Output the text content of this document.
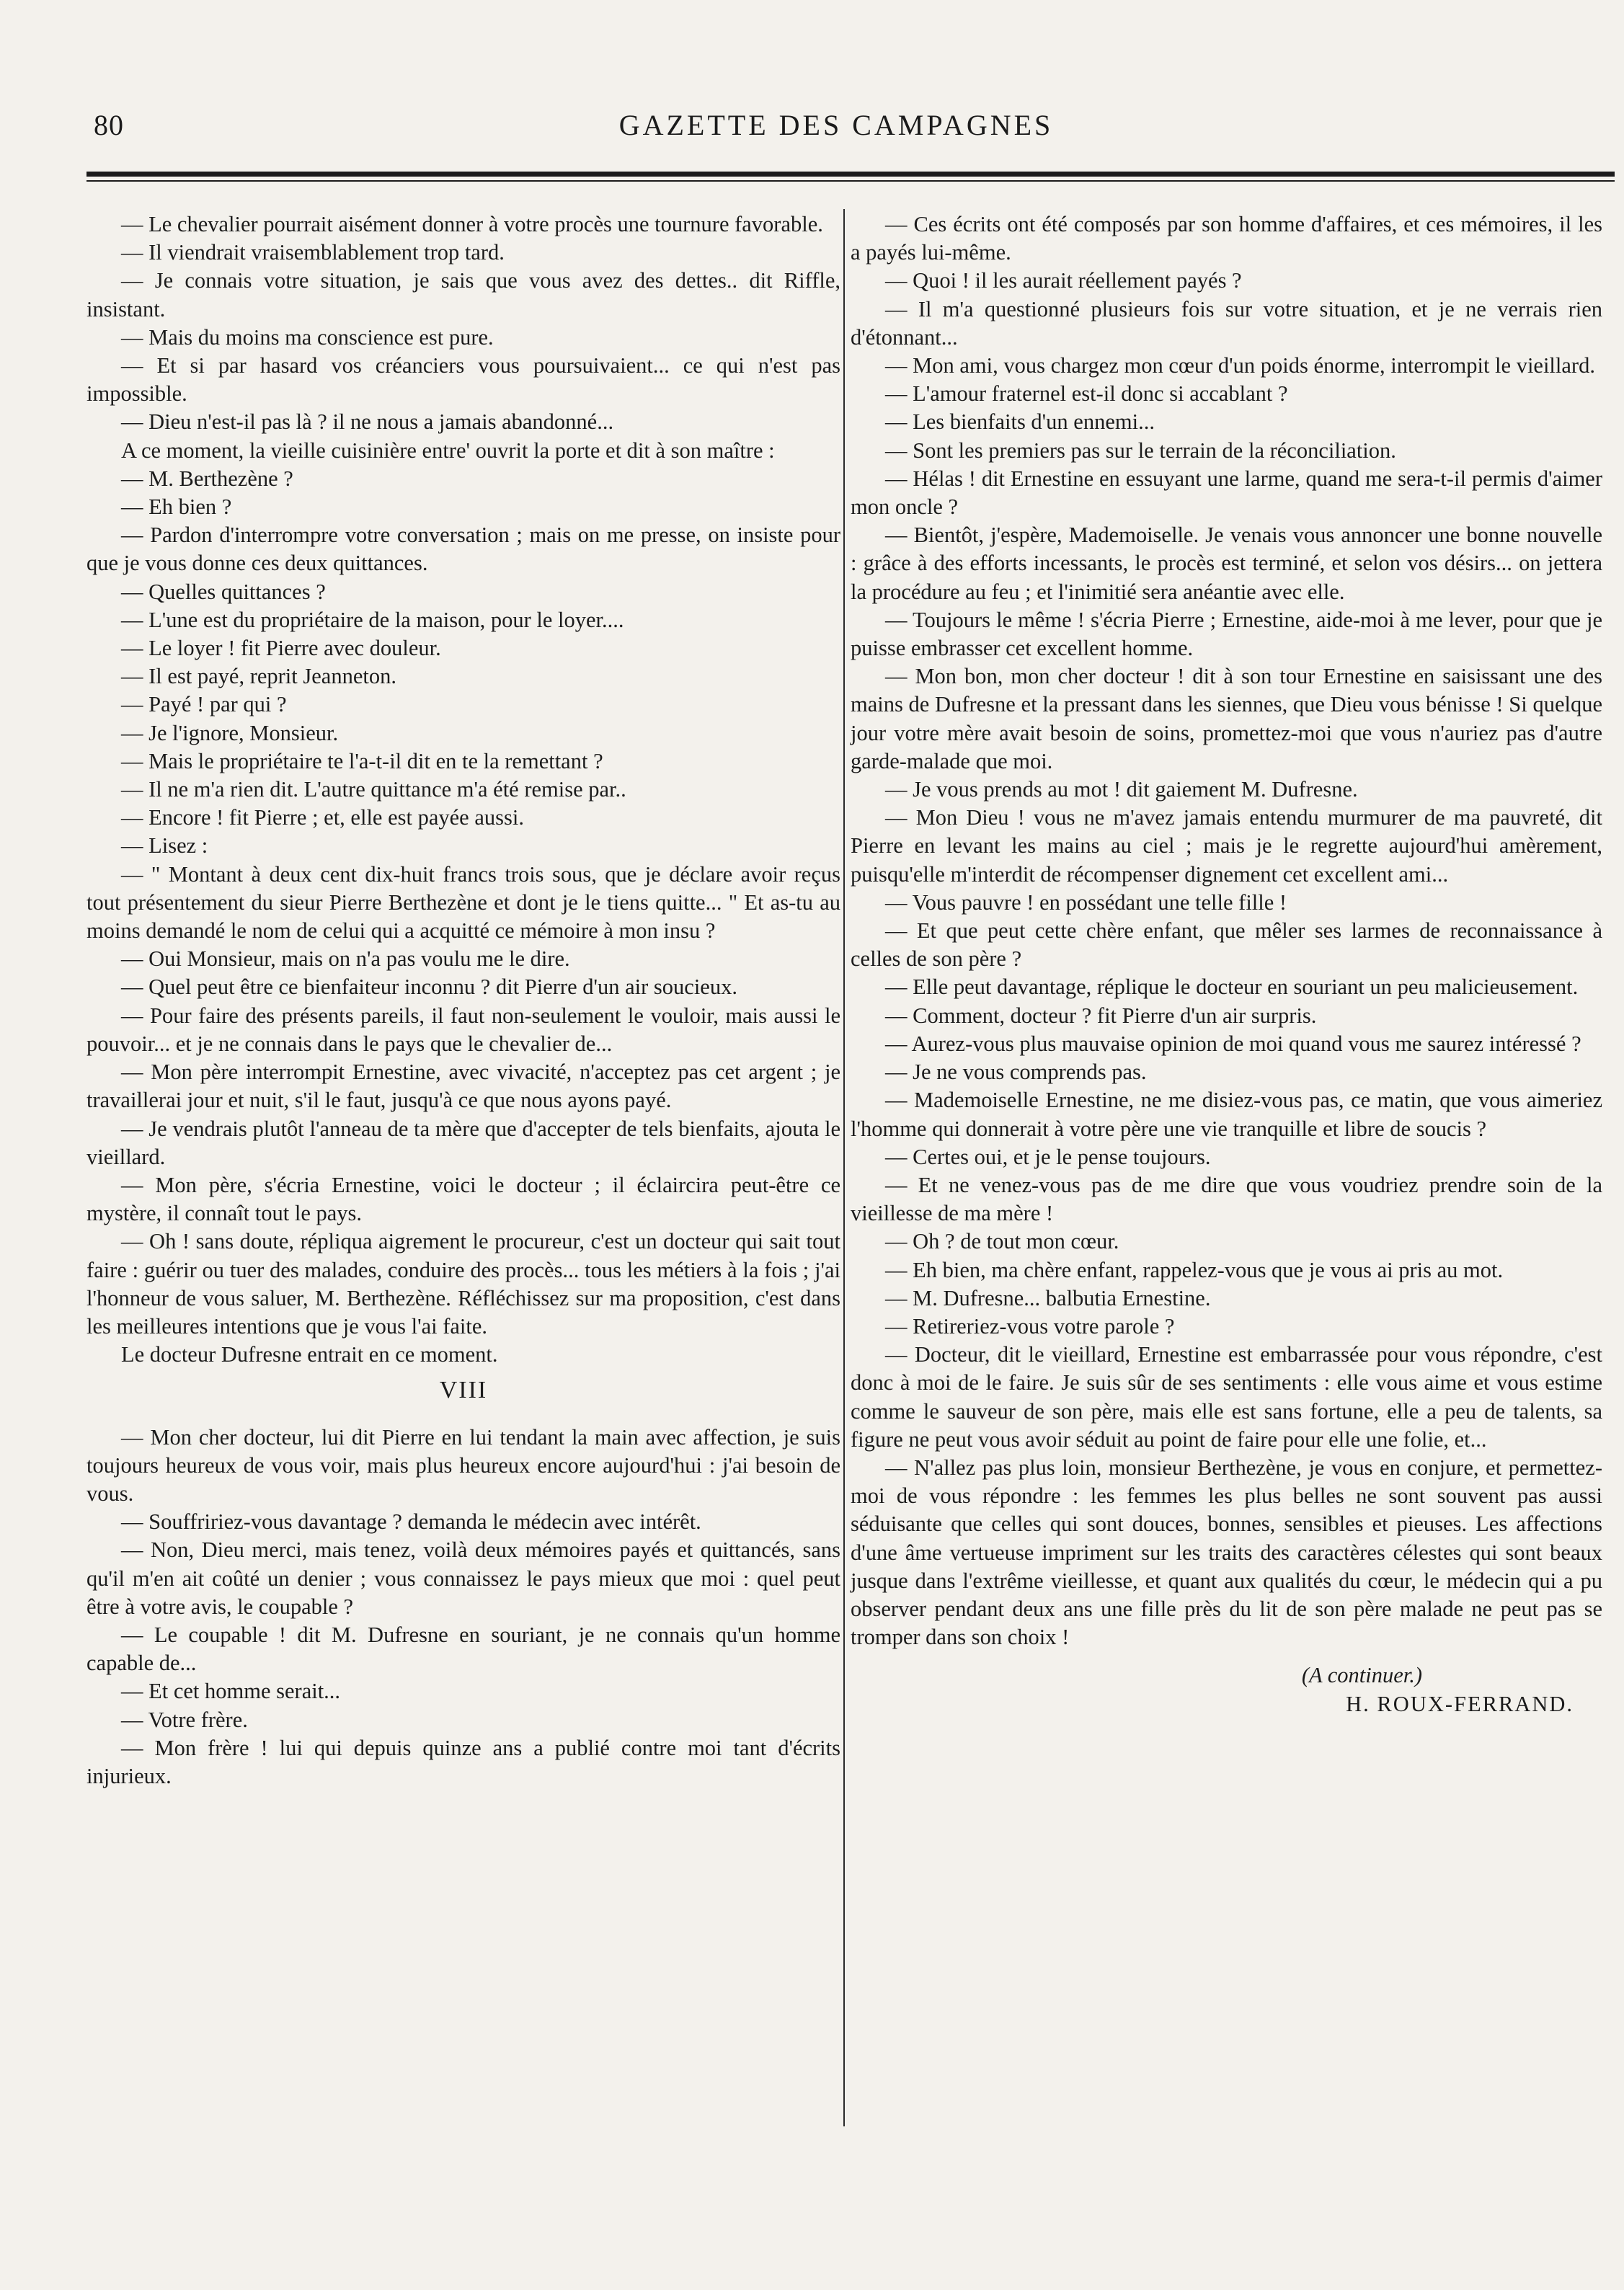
80	GAZETTE DES CAMPAGNES

— Le chevalier pourrait aisément donner à votre procès une tournure favorable.

— Il viendrait vraisemblablement trop tard.

— Je connais votre situation, je sais que vous avez des dettes.. dit Riffle, insistant.

— Mais du moins ma conscience est pure.

— Et si par hasard vos créanciers vous poursuivaient... ce qui n'est pas impossible.

— Dieu n'est-il pas là ? il ne nous a jamais abandonné...

A ce moment, la vieille cuisinière entre' ouvrit la porte et dit à son maître :

— M. Berthezène ?

— Eh bien ?

— Pardon d'interrompre votre conversation ; mais on me presse, on insiste pour que je vous donne ces deux quittances.

— Quelles quittances ?

— L'une est du propriétaire de la maison, pour le loyer....

— Le loyer ! fit Pierre avec douleur.

— Il est payé, reprit Jeanneton.

— Payé ! par qui ?

— Je l'ignore, Monsieur.

— Mais le propriétaire te l'a-t-il dit en te la remettant ?

— Il ne m'a rien dit. L'autre quittance m'a été remise par..

— Encore ! fit Pierre ; et, elle est payée aussi.

— Lisez :

— " Montant à deux cent dix-huit francs trois sous, que je déclare avoir reçus tout présentement du sieur Pierre Berthezène et dont je le tiens quitte... " Et as-tu au moins demandé le nom de celui qui a acquitté ce mémoire à mon insu ?

— Oui Monsieur, mais on n'a pas voulu me le dire.

— Quel peut être ce bienfaiteur inconnu ? dit Pierre d'un air soucieux.

— Pour faire des présents pareils, il faut non-seulement le vouloir, mais aussi le pouvoir... et je ne connais dans le pays que le chevalier de...

— Mon père interrompit Ernestine, avec vivacité, n'acceptez pas cet argent ; je travaillerai jour et nuit, s'il le faut, jusqu'à ce que nous ayons payé.

— Je vendrais plutôt l'anneau de ta mère que d'accepter de tels bienfaits, ajouta le vieillard.

— Mon père, s'écria Ernestine, voici le docteur ; il éclaircira peut-être ce mystère, il connaît tout le pays.

— Oh ! sans doute, répliqua aigrement le procureur, c'est un docteur qui sait tout faire : guérir ou tuer des malades, conduire des procès... tous les métiers à la fois ; j'ai l'honneur de vous saluer, M. Berthezène. Réfléchissez sur ma proposition, c'est dans les meilleures intentions que je vous l'ai faite.

Le docteur Dufresne entrait en ce moment.

VIII

— Mon cher docteur, lui dit Pierre en lui tendant la main avec affection, je suis toujours heureux de vous voir, mais plus heureux encore aujourd'hui : j'ai besoin de vous.

— Souffririez-vous davantage ? demanda le médecin avec intérêt.

— Non, Dieu merci, mais tenez, voilà deux mémoires payés et quittancés, sans qu'il m'en ait coûté un denier ; vous connaissez le pays mieux que moi : quel peut être à votre avis, le coupable ?

— Le coupable ! dit M. Dufresne en souriant, je ne connais qu'un homme capable de...

— Et cet homme serait...

— Votre frère.

— Mon frère ! lui qui depuis quinze ans a publié contre moi tant d'écrits injurieux.

— Ces écrits ont été composés par son homme d'affaires, et ces mémoires, il les a payés lui-même.

— Quoi ! il les aurait réellement payés ?

— Il m'a questionné plusieurs fois sur votre situation, et je ne verrais rien d'étonnant...

— Mon ami, vous chargez mon cœur d'un poids énorme, interrompit le vieillard.

— L'amour fraternel est-il donc si accablant ?

— Les bienfaits d'un ennemi...

— Sont les premiers pas sur le terrain de la réconciliation.

— Hélas ! dit Ernestine en essuyant une larme, quand me sera-t-il permis d'aimer mon oncle ?

— Bientôt, j'espère, Mademoiselle. Je venais vous annoncer une bonne nouvelle : grâce à des efforts incessants, le procès est terminé, et selon vos désirs... on jettera la procédure au feu ; et l'inimitié sera anéantie avec elle.

— Toujours le même ! s'écria Pierre ; Ernestine, aide-moi à me lever, pour que je puisse embrasser cet excellent homme.

— Mon bon, mon cher docteur ! dit à son tour Ernestine en saisissant une des mains de Dufresne et la pressant dans les siennes, que Dieu vous bénisse ! Si quelque jour votre mère avait besoin de soins, promettez-moi que vous n'auriez pas d'autre garde-malade que moi.

— Je vous prends au mot ! dit gaiement M. Dufresne.

— Mon Dieu ! vous ne m'avez jamais entendu murmurer de ma pauvreté, dit Pierre en levant les mains au ciel ; mais je le regrette aujourd'hui amèrement, puisqu'elle m'interdit de récompenser dignement cet excellent ami...

— Vous pauvre ! en possédant une telle fille !

— Et que peut cette chère enfant, que mêler ses larmes de reconnaissance à celles de son père ?

— Elle peut davantage, réplique le docteur en souriant un peu malicieusement.

— Comment, docteur ? fit Pierre d'un air surpris.

— Aurez-vous plus mauvaise opinion de moi quand vous me saurez intéressé ?

— Je ne vous comprends pas.

— Mademoiselle Ernestine, ne me disiez-vous pas, ce matin, que vous aimeriez l'homme qui donnerait à votre père une vie tranquille et libre de soucis ?

— Certes oui, et je le pense toujours.

— Et ne venez-vous pas de me dire que vous voudriez prendre soin de la vieillesse de ma mère !

— Oh ? de tout mon cœur.

— Eh bien, ma chère enfant, rappelez-vous que je vous ai pris au mot.

— M. Dufresne... balbutia Ernestine.

— Retireriez-vous votre parole ?

— Docteur, dit le vieillard, Ernestine est embarrassée pour vous répondre, c'est donc à moi de le faire. Je suis sûr de ses sentiments : elle vous aime et vous estime comme le sauveur de son père, mais elle est sans fortune, elle a peu de talents, sa figure ne peut vous avoir séduit au point de faire pour elle une folie, et...

— N'allez pas plus loin, monsieur Berthezène, je vous en conjure, et permettez-moi de vous répondre : les femmes les plus belles ne sont souvent pas aussi séduisante que celles qui sont douces, bonnes, sensibles et pieuses. Les affections d'une âme vertueuse impriment sur les traits des caractères célestes qui sont beaux jusque dans l'extrême vieillesse, et quant aux qualités du cœur, le médecin qui a pu observer pendant deux ans une fille près du lit de son père malade ne peut pas se tromper dans son choix !

(A continuer.)
H. ROUX-FERRAND.
